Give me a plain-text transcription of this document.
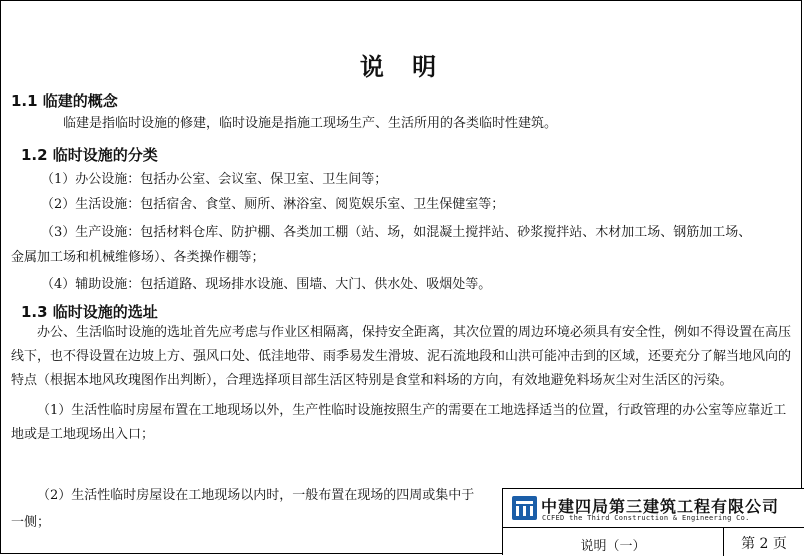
说 明
1.1 临建的概念
临建是指临时设施的修建，临时设施是指施工现场生产、生活所用的各类临时性建筑。
1.2 临时设施的分类
（1）办公设施：包括办公室、会议室、保卫室、卫生间等；
（2）生活设施：包括宿舍、食堂、厕所、淋浴室、阅览娱乐室、卫生保健室等；
（3）生产设施：包括材料仓库、防护棚、各类加工棚（站、场，如混凝土搅拌站、砂浆搅拌站、木材加工场、钢筋加工场、
金属加工场和机械维修场）、各类操作棚等；
（4）辅助设施：包括道路、现场排水设施、围墙、大门、供水处、吸烟处等。
1.3 临时设施的选址

办公、生活临时设施的选址首先应考虑与作业区相隔离，保持安全距离，其次位置的周边环境必须具有安全性，例如不得设置在高压线下，也不得设置在边坡上方、强风口处、低洼地带、雨季易发生滑坡、泥石流地段和山洪可能冲击到的区域，还要充分了解当地风向的特点（根据本地风玫瑰图作出判断），合理选择项目部生活区特别是食堂和料场的方向，有效地避免料场灰尘对生活区的污染。

（1）生活性临时房屋布置在工地现场以外，生产性临时设施按照生产的需要在工地选择适当的位置，行政管理的办公室等应靠近工地或是工地现场出入口；

（2）生活性临时房屋设在工地现场以内时，一般布置在现场的四周或集中于
一侧；
中建四局第三建筑工程有限公司
CCFED the Third Construction & Engineering Co.
说明（一）	第 2 页
